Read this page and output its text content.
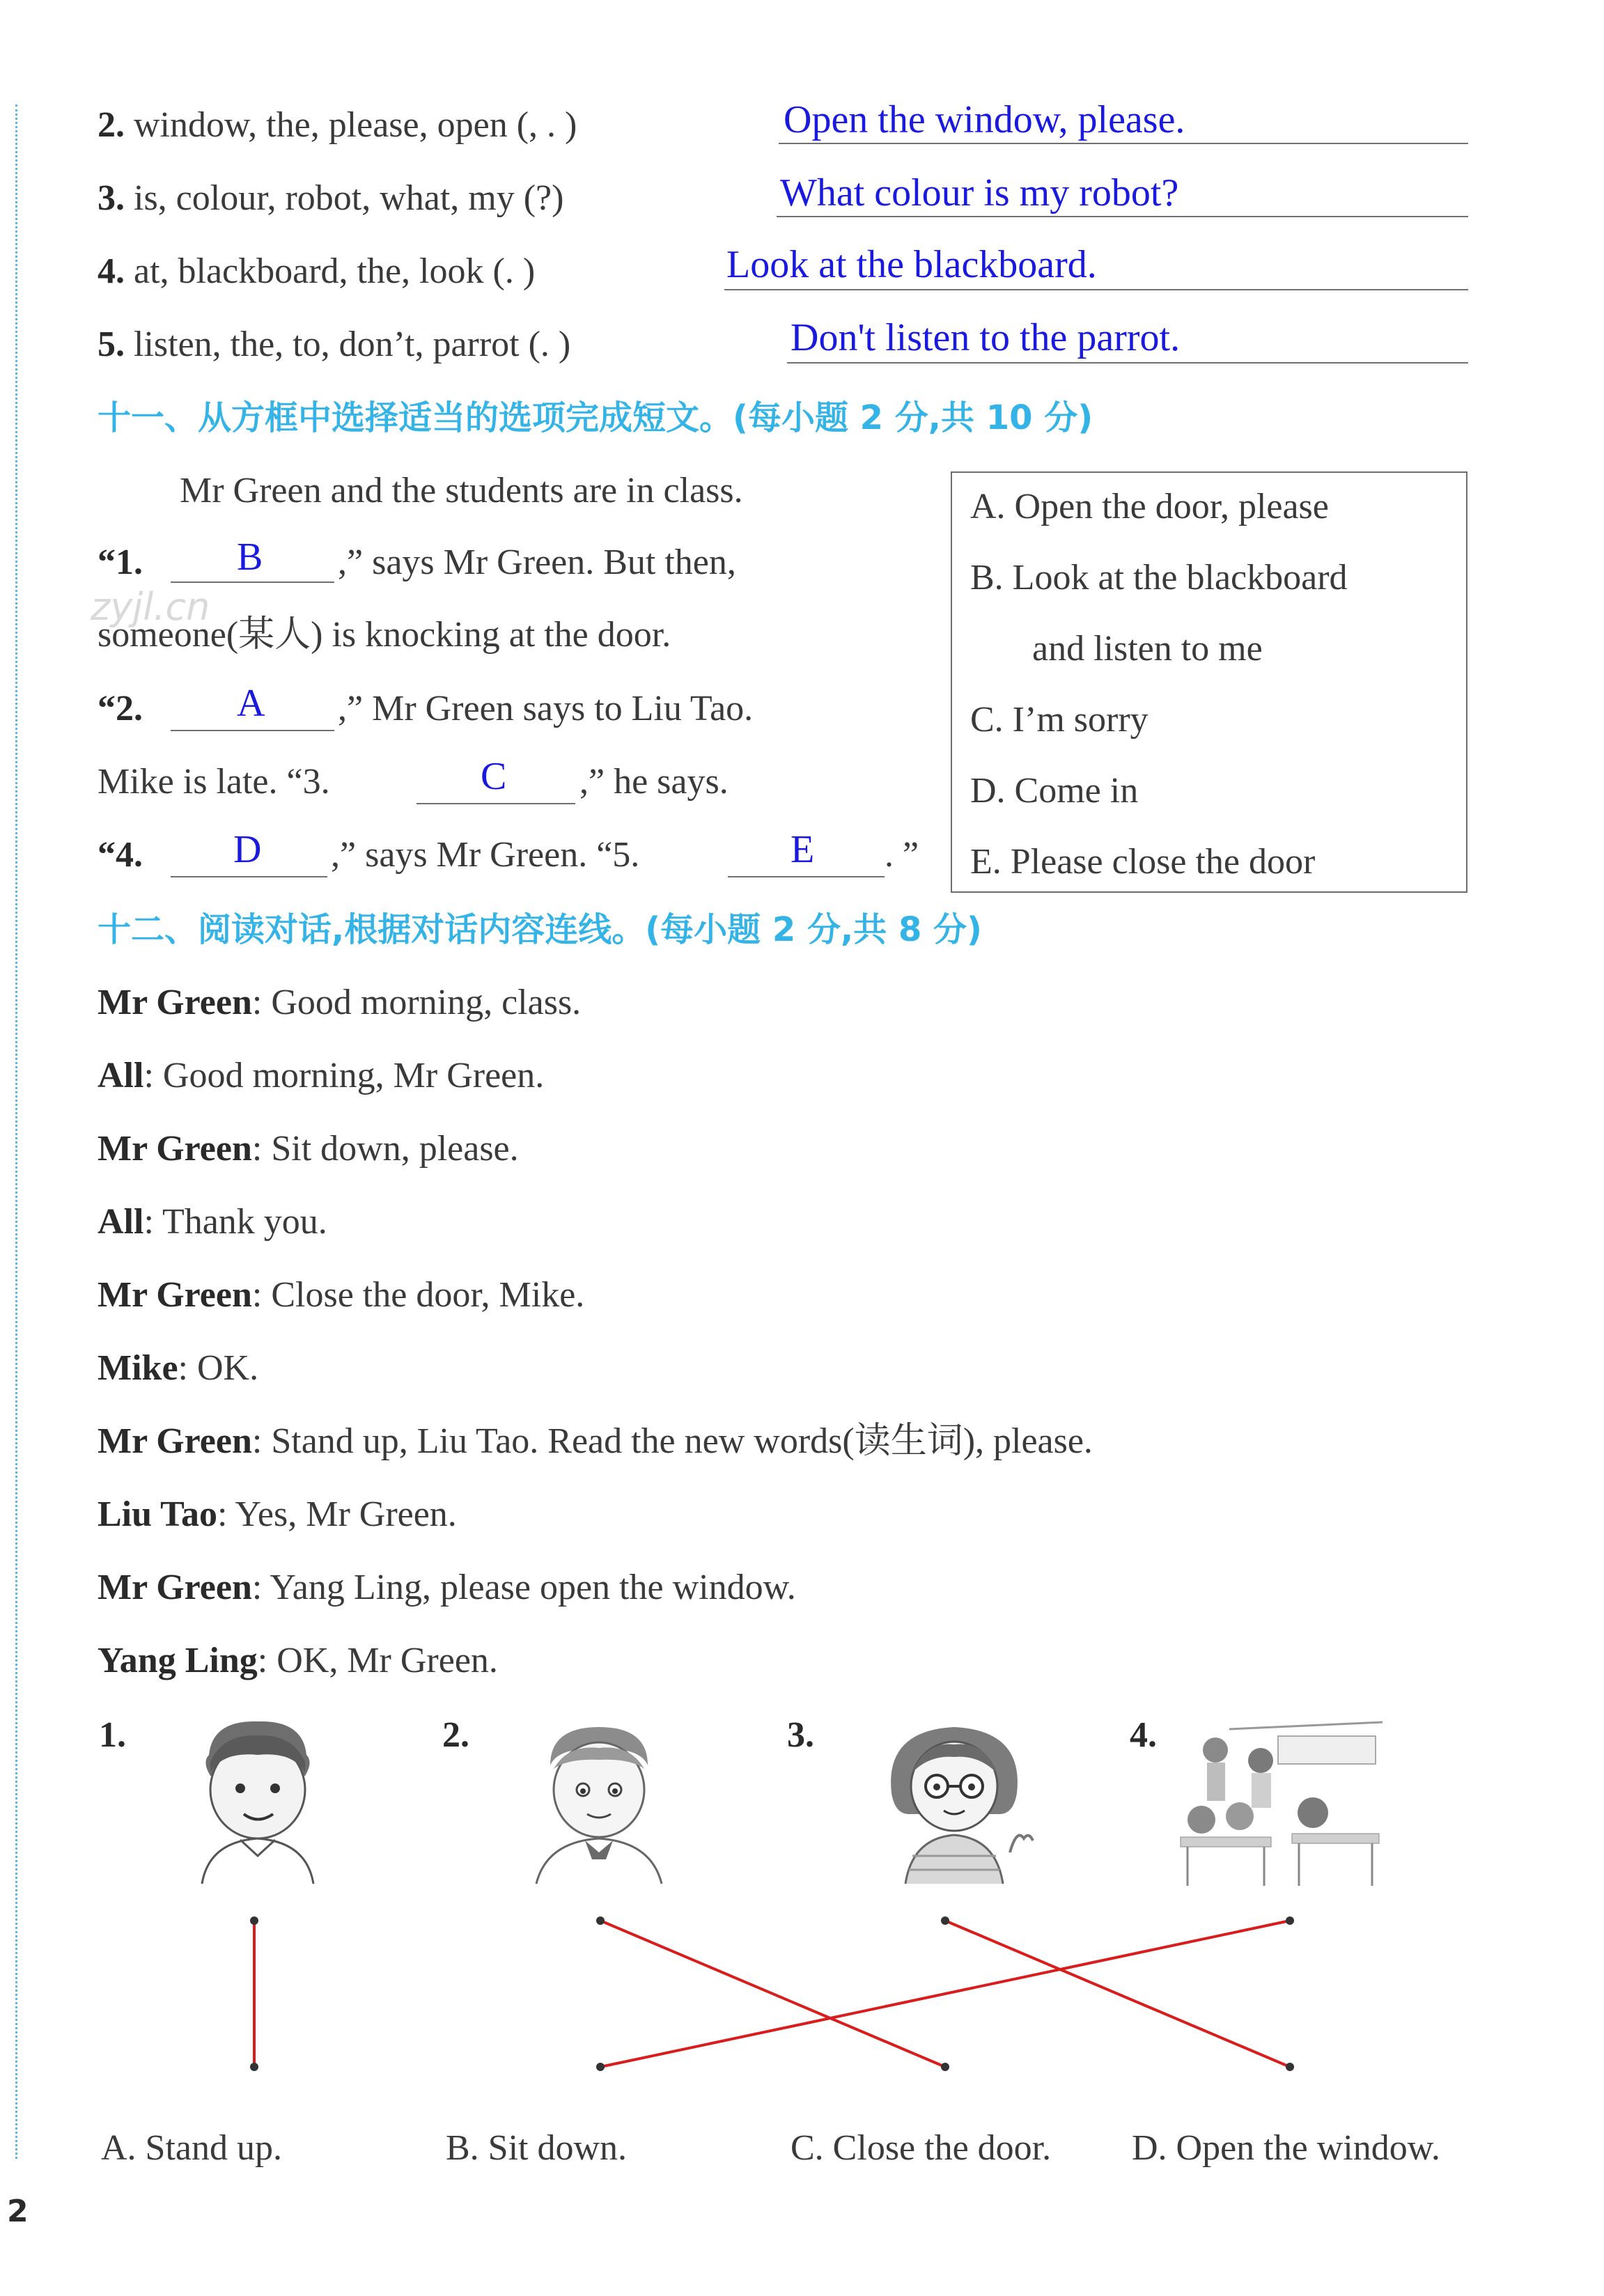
2. window, the, please, open (, . )	Open the window, please.
3. is, colour, robot, what, my (?)	What colour is my robot?
4. at, blackboard, the, look (. )	Look at the blackboard.
5. listen, the, to, don’t, parrot (. )	Don't listen to the parrot.
十一、从方框中选择适当的选项完成短文。(每小题 2 分,共 10 分)
Mr Green and the students are in class.
“1. B ,” says Mr Green. But then,
zyjl.cn
someone(某人) is knocking at the door.
“2. A ,” Mr Green says to Liu Tao.
Mike is late. “3.	C ,” he says.
“4. D ,” says Mr Green. “5.	E . ”
A. Open the door, please
B. Look at the blackboard
and listen to me
C. I’m sorry
D. Come in
E. Please close the door
十二、阅读对话,根据对话内容连线。(每小题 2 分,共 8 分)
Mr Green: Good morning, class.
All: Good morning, Mr Green.
Mr Green: Sit down, please.
All: Thank you.
Mr Green: Close the door, Mike.
Mike: OK.
Mr Green: Stand up, Liu Tao. Read the new words(读生词), please.
Liu Tao: Yes, Mr Green.
Mr Green: Yang Ling, please open the window.
Yang Ling: OK, Mr Green.
1.	2.	3.	4.
A. Stand up.	B. Sit down.	C. Close the door. D. Open the window.
2
